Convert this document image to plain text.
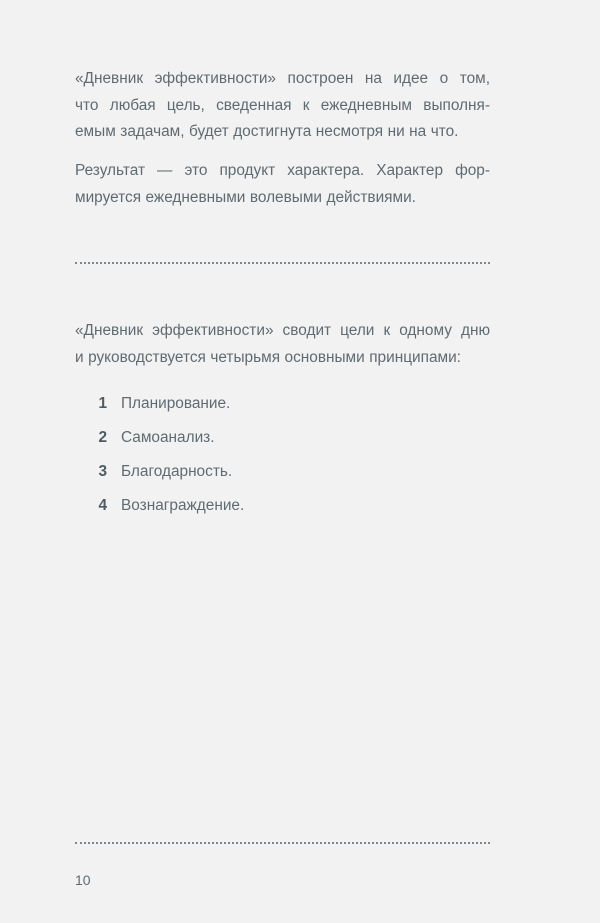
«Дневник эффективности» построен на идее о том,
что любая цель, сведенная к ежедневным выполня-
емым задачам, будет достигнута несмотря ни на что.

Результат — это продукт характера. Характер фор-
мируется ежедневными волевыми действиями.

«Дневник эффективности» сводит цели к одному дню
и руководствуется четырьмя основными принципами:

1 Планирование.
2 Самоанализ.
3 Благодарность.
4 Вознаграждение.
10
